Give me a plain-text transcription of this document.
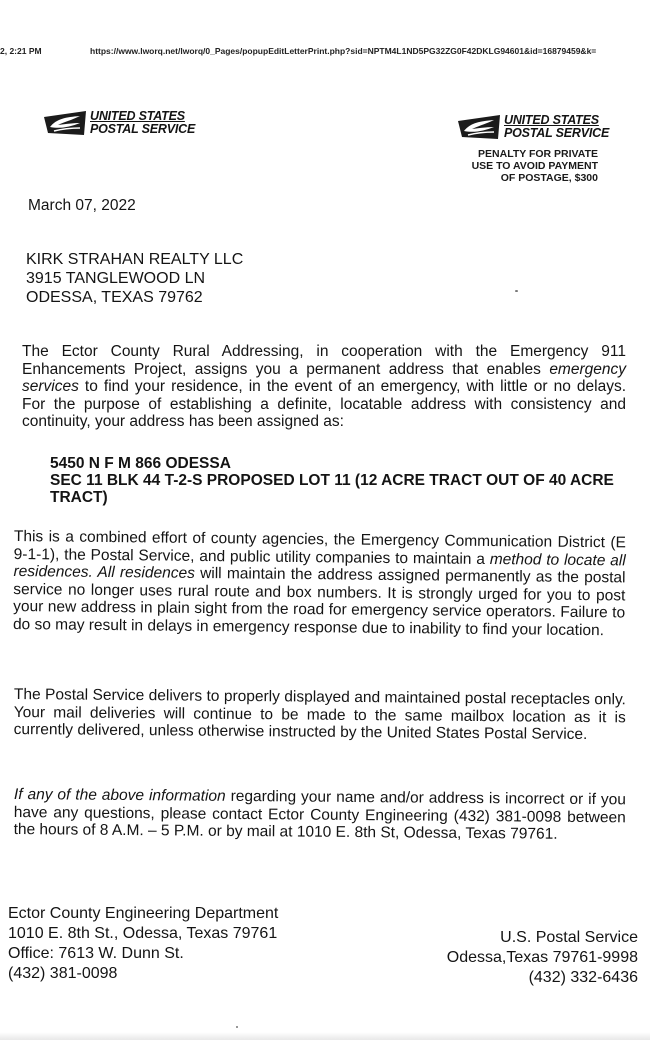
2, 2:21 PM	https://www.lworq.net/lworq/0_Pages/popupEditLetterPrint.php?sid=NPTM4L1ND5PG32ZG0F42DKLG94601&id=16879459&k=
UNITED STATES
POSTAL SERVICE
UNITED STATES
POSTAL SERVICE
PENALTY FOR PRIVATE
USE TO AVOID PAYMENT
OF POSTAGE, $300
March 07, 2022
KIRK STRAHAN REALTY LLC
3915 TANGLEWOOD LN
ODESSA, TEXAS 79762
The Ector County Rural Addressing, in cooperation with the Emergency 911 Enhancements Project, assigns you a permanent address that enables emergency services to find your residence, in the event of an emergency, with little or no delays. For the purpose of establishing a definite, locatable address with consistency and continuity, your address has been assigned as:
5450 N F M 866 ODESSA
SEC 11 BLK 44 T-2-S PROPOSED LOT 11 (12 ACRE TRACT OUT OF 40 ACRE TRACT)
This is a combined effort of county agencies, the Emergency Communication District (E 9-1-1), the Postal Service, and public utility companies to maintain a method to locate all residences. All residences will maintain the address assigned permanently as the postal service no longer uses rural route and box numbers. It is strongly urged for you to post your new address in plain sight from the road for emergency service operators. Failure to do so may result in delays in emergency response due to inability to find your location.
The Postal Service delivers to properly displayed and maintained postal receptacles only. Your mail deliveries will continue to be made to the same mailbox location as it is currently delivered, unless otherwise instructed by the United States Postal Service.
If any of the above information regarding your name and/or address is incorrect or if you have any questions, please contact Ector County Engineering (432) 381-0098 between the hours of 8 A.M. – 5 P.M. or by mail at 1010 E. 8th St, Odessa, Texas 79761.
Ector County Engineering Department
1010 E. 8th St., Odessa, Texas 79761
Office: 7613 W. Dunn St.
(432) 381-0098
U.S. Postal Service
Odessa,Texas 79761-9998
(432) 332-6436
